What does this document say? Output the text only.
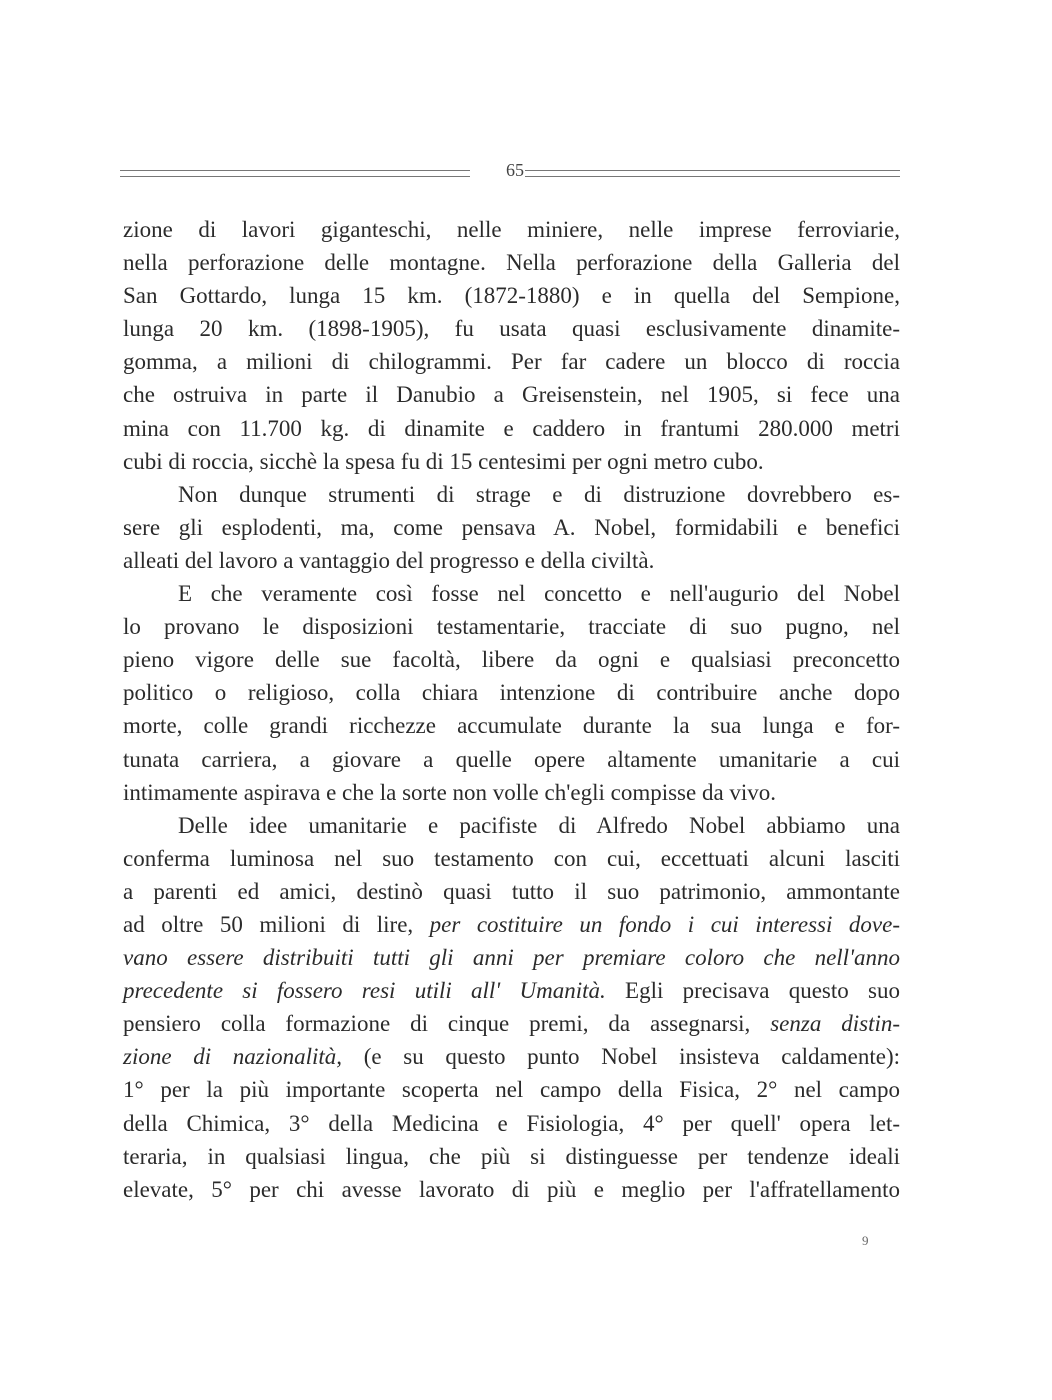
65
zione di lavori giganteschi, nelle miniere, nelle imprese ferroviarie,
nella perforazione delle montagne. Nella perforazione della Galleria del
San Gottardo, lunga 15 km. (1872-1880) e in quella del Sempione,
lunga 20 km. (1898-1905), fu usata quasi esclusivamente dinamite-
gomma, a milioni di chilogrammi. Per far cadere un blocco di roccia
che ostruiva in parte il Danubio a Greisenstein, nel 1905, si fece una
mina con 11.700 kg. di dinamite e caddero in frantumi 280.000 metri
cubi di roccia, sicchè la spesa fu di 15 centesimi per ogni metro cubo.
Non dunque strumenti di strage e di distruzione dovrebbero es-
sere gli esplodenti, ma, come pensava A. Nobel, formidabili e benefici
alleati del lavoro a vantaggio del progresso e della civiltà.
E che veramente così fosse nel concetto e nell'augurio del Nobel
lo provano le disposizioni testamentarie, tracciate di suo pugno, nel
pieno vigore delle sue facoltà, libere da ogni e qualsiasi preconcetto
politico o religioso, colla chiara intenzione di contribuire anche dopo
morte, colle grandi ricchezze accumulate durante la sua lunga e for-
tunata carriera, a giovare a quelle opere altamente umanitarie a cui
intimamente aspirava e che la sorte non volle ch'egli compisse da vivo.
Delle idee umanitarie e pacifiste di Alfredo Nobel abbiamo una
conferma luminosa nel suo testamento con cui, eccettuati alcuni lasciti
a parenti ed amici, destinò quasi tutto il suo patrimonio, ammontante
ad oltre 50 milioni di lire, per costituire un fondo i cui interessi dove-
vano essere distribuiti tutti gli anni per premiare coloro che nell'anno
precedente si fossero resi utili all' Umanità. Egli precisava questo suo
pensiero colla formazione di cinque premi, da assegnarsi, senza distin-
zione di nazionalità, (e su questo punto Nobel insisteva caldamente):
1° per la più importante scoperta nel campo della Fisica, 2° nel campo
della Chimica, 3° della Medicina e Fisiologia, 4° per quell' opera let-
teraria, in qualsiasi lingua, che più si distinguesse per tendenze ideali
elevate, 5° per chi avesse lavorato di più e meglio per l'affratellamento
9
